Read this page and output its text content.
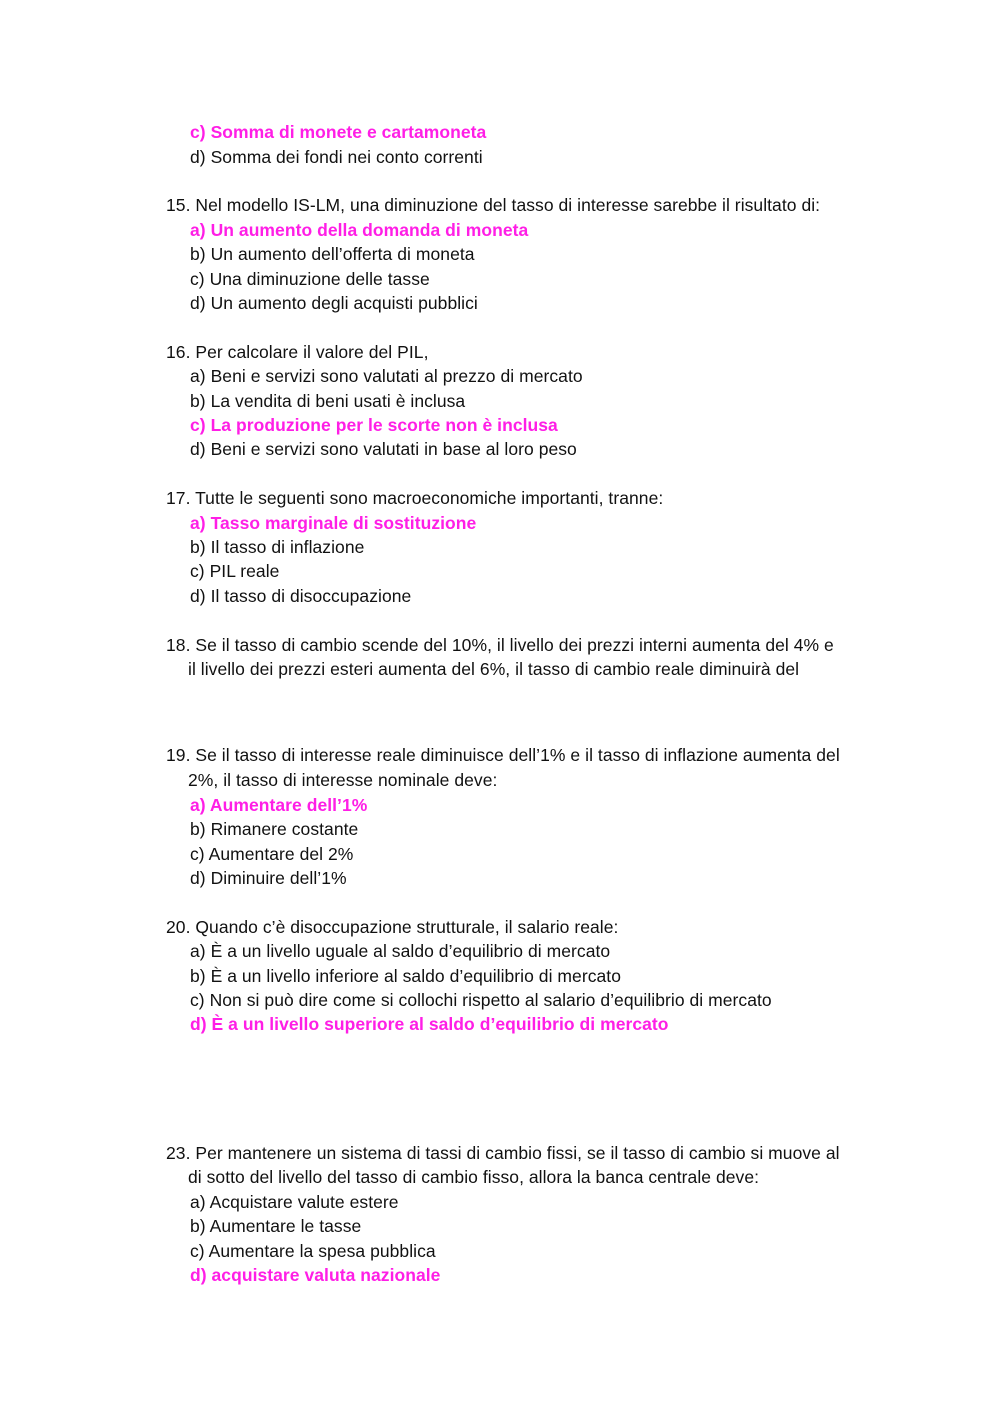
c) Somma di monete e cartamoneta
d) Somma dei fondi nei conto correnti
15. Nel modello IS-LM, una diminuzione del tasso di interesse sarebbe il risultato di:
a) Un aumento della domanda di moneta
b) Un aumento dell’offerta di moneta
c) Una diminuzione delle tasse
d) Un aumento degli acquisti pubblici
16. Per calcolare il valore del PIL,
a) Beni e servizi sono valutati al prezzo di mercato
b) La vendita di beni usati è inclusa
c) La produzione per le scorte non è inclusa
d) Beni e servizi sono valutati in base al loro peso
17. Tutte le seguenti sono macroeconomiche importanti, tranne:
a) Tasso marginale di sostituzione
b) Il tasso di inflazione
c) PIL reale
d) Il tasso di disoccupazione
18. Se il tasso di cambio scende del 10%, il livello dei prezzi interni aumenta del 4% e
il livello dei prezzi esteri aumenta del 6%, il tasso di cambio reale diminuirà del
19. Se il tasso di interesse reale diminuisce dell’1% e il tasso di inflazione aumenta del
2%, il tasso di interesse nominale deve:
a) Aumentare dell’1%
b) Rimanere costante
c) Aumentare del 2%
d) Diminuire dell’1%
20. Quando c’è disoccupazione strutturale, il salario reale:
a) È a un livello uguale al saldo d’equilibrio di mercato
b) È a un livello inferiore al saldo d’equilibrio di mercato
c) Non si può dire come si collochi rispetto al salario d’equilibrio di mercato
d) È a un livello superiore al saldo d’equilibrio di mercato
23. Per mantenere un sistema di tassi di cambio fissi, se il tasso di cambio si muove al
di sotto del livello del tasso di cambio fisso, allora la banca centrale deve:
a) Acquistare valute estere
b) Aumentare le tasse
c) Aumentare la spesa pubblica
d) acquistare valuta nazionale
